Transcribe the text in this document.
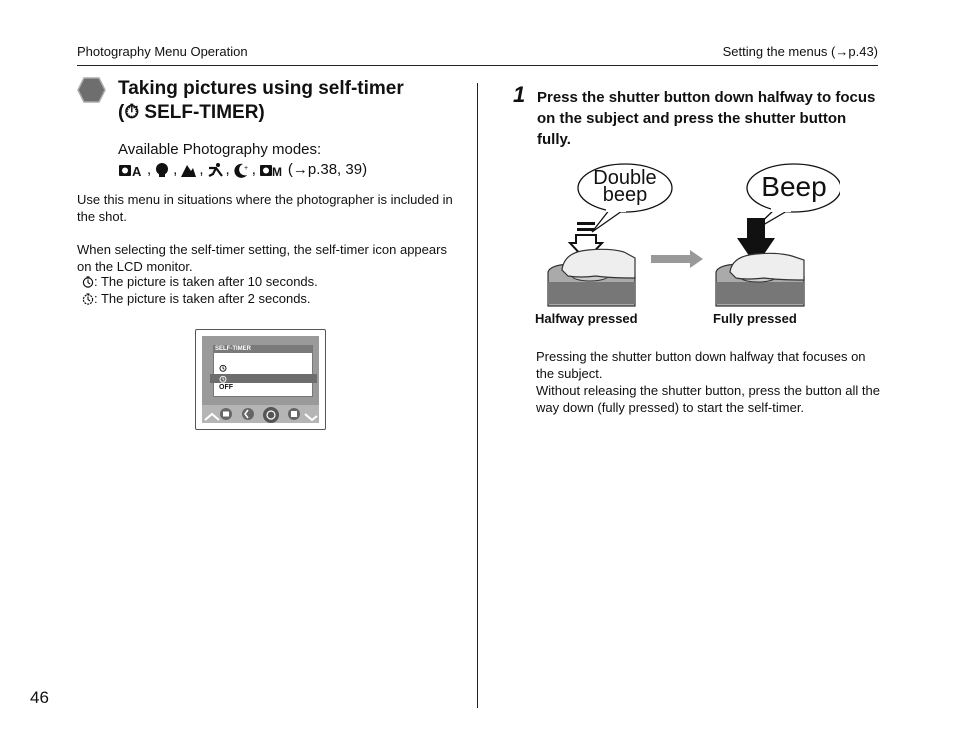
Photography Menu Operation	Setting the menus (→p.43)
Taking pictures using self-timer
(⏱ SELF-TIMER)
Available Photography modes:
A , , , , + , M (→p.38, 39)
Use this menu in situations where the photographer is included in the shot.
When selecting the self-timer setting, the self-timer icon appears on the LCD monitor.
: The picture is taken after 10 seconds.
: The picture is taken after 2 seconds.
SELF-TIMER
OFF
1 Press the shutter button down halfway to focus on the subject and press the shutter button fully.
Double
beep	Beep
Halfway pressed	Fully pressed
Pressing the shutter button down halfway that focuses on the subject.
Without releasing the shutter button, press the button all the way down (fully pressed) to start the self-timer.
46
